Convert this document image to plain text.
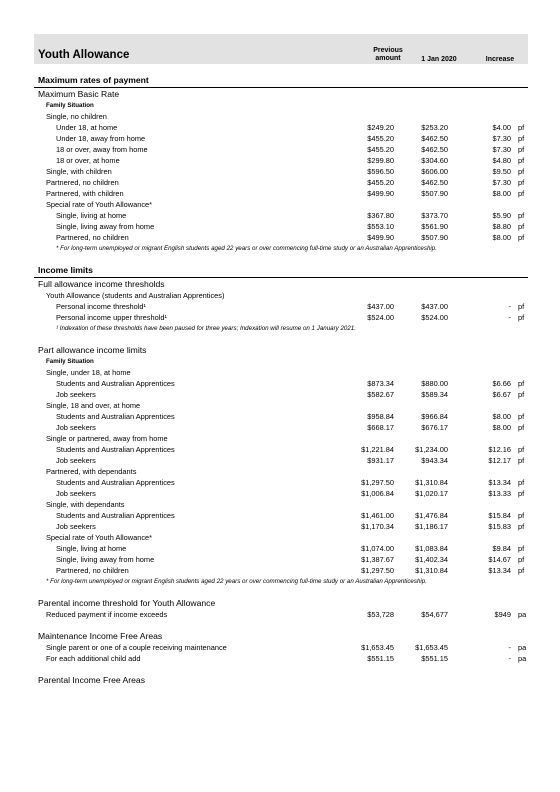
Youth Allowance	Previous
amount	1 Jan 2020	Increase
Maximum rates of payment
Maximum Basic Rate
Family Situation
Single, no children
Under 18, at home	$249.20	$253.20	$4.00 pf
Under 18, away from home	$455.20	$462.50	$7.30 pf
18 or over, away from home	$455.20	$462.50	$7.30 pf
18 or over, at home	$299.80	$304.60	$4.80 pf
Single, with children	$596.50	$606.00	$9.50 pf
Partnered, no children	$455.20	$462.50	$7.30 pf
Partnered, with children	$499.90	$507.90	$8.00 pf
Special rate of Youth Allowance*
Single, living at home	$367.80	$373.70	$5.90 pf
Single, living away from home	$553.10	$561.90	$8.80 pf
Partnered, no children	$499.90	$507.90	$8.00 pf
* For long-term unemployed or migrant English students aged 22 years or over commencing full-time study or an Australian Apprenticeship.
Income limits
Full allowance income thresholds
Youth Allowance (students and Australian Apprentices)
Personal income threshold¹	$437.00	$437.00	- pf
Personal income upper threshold¹	$524.00	$524.00	- pf
¹ Indexation of these thresholds have been paused for three years; Indexation will resume on 1 January 2021.
Part allowance income limits
Family Situation
Single, under 18, at home
Students and Australian Apprentices	$873.34	$880.00	$6.66 pf
Job seekers	$582.67	$589.34	$6.67 pf
Single, 18 and over, at home
Students and Australian Apprentices	$958.84	$966.84	$8.00 pf
Job seekers	$668.17	$676.17	$8.00 pf
Single or partnered, away from home
Students and Australian Apprentices	$1,221.84	$1,234.00	$12.16 pf
Job seekers	$931.17	$943.34	$12.17 pf
Partnered, with dependants
Students and Australian Apprentices	$1,297.50	$1,310.84	$13.34 pf
Job seekers	$1,006.84	$1,020.17	$13.33 pf
Single, with dependants
Students and Australian Apprentices	$1,461.00	$1,476.84	$15.84 pf
Job seekers	$1,170.34	$1,186.17	$15.83 pf
Special rate of Youth Allowance*
Single, living at home	$1,074.00	$1,083.84	$9.84 pf
Single, living away from home	$1,387.67	$1,402.34	$14.67 pf
Partnered, no children	$1,297.50	$1,310.84	$13.34 pf
* For long-term unemployed or migrant English students aged 22 years or over commencing full-time study or an Australian Apprenticeship.
Parental income threshold for Youth Allowance
Reduced payment if income exceeds	$53,728	$54,677	$949 pa
Maintenance Income Free Areas
Single parent or one of a couple receiving maintenance	$1,653.45	$1,653.45	- pa
For each additional child add	$551.15	$551.15	- pa
Parental Income Free Areas
